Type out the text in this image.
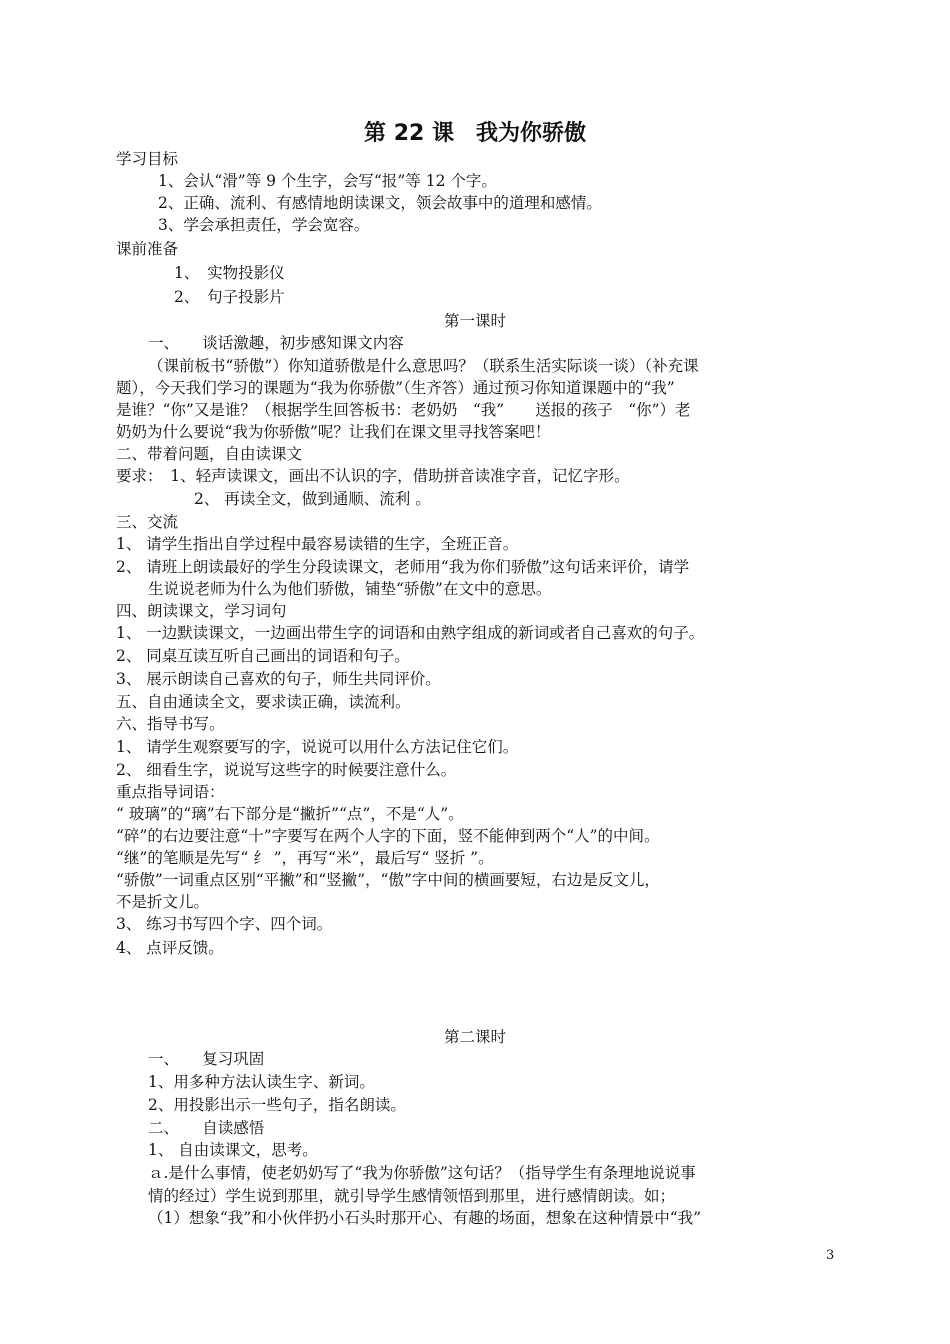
第 22 课　我为你骄傲
学习目标
1、会认“滑”等 9 个生字，会写“报”等 12 个字。
2、正确、流利、有感情地朗读课文，领会故事中的道理和感情。
3、学会承担责任，学会宽容。
课前准备
1、　实物投影仪
2、　句子投影片
第一课时
一、　　谈话激趣，初步感知课文内容
（课前板书“骄傲”）你知道骄傲是什么意思吗？（联系生活实际谈一谈）（补充课
题），今天我们学习的课题为“我为你骄傲”（生齐答）通过预习你知道课题中的“我”
是谁？“你”又是谁？（根据学生回答板书：老奶奶　“我”　　送报的孩子　“你”）老
奶奶为什么要说“我为你骄傲”呢？让我们在课文里寻找答案吧！
二、带着问题，自由读课文
要求：　1、轻声读课文，画出不认识的字，借助拼音读准字音，记忆字形。
2、 再读全文，做到通顺、流利 。
三、交流
1、 请学生指出自学过程中最容易读错的生字，全班正音。
2、 请班上朗读最好的学生分段读课文，老师用“我为你们骄傲”这句话来评价，请学
生说说老师为什么为他们骄傲，铺垫“骄傲”在文中的意思。
四、朗读课文，学习词句
1、 一边默读课文，一边画出带生字的词语和由熟字组成的新词或者自己喜欢的句子。
2、 同桌互读互听自己画出的词语和句子。
3、 展示朗读自己喜欢的句子，师生共同评价。
五、自由通读全文，要求读正确，读流利。
六、指导书写。
1、 请学生观察要写的字，说说可以用什么方法记住它们。
2、 细看生字，说说写这些字的时候要注意什么。
重点指导词语：
“ 玻璃”的“璃”右下部分是“撇折”“点”，不是“人”。
“碎”的右边要注意“十”字要写在两个人字的下面，竖不能伸到两个“人”的中间。
“继”的笔顺是先写“ 纟 ”，再写“米”，最后写“ 竖折 ”。
“骄傲”一词重点区别“平撇”和“竖撇”，“傲”字中间的横画要短，右边是反文儿，
不是折文儿。
3、 练习书写四个字、四个词。
4、 点评反馈。
第二课时
一、　　复习巩固
1、用多种方法认读生字、新词。
2、用投影出示一些句子，指名朗读。
二、　　自读感悟
1、 自由读课文，思考。
ａ.是什么事情，使老奶奶写了“我为你骄傲”这句话？（指导学生有条理地说说事
情的经过）学生说到那里，就引导学生感情领悟到那里，进行感情朗读。如；
（1）想象“我”和小伙伴扔小石头时那开心、有趣的场面，想象在这种情景中“我”
3
